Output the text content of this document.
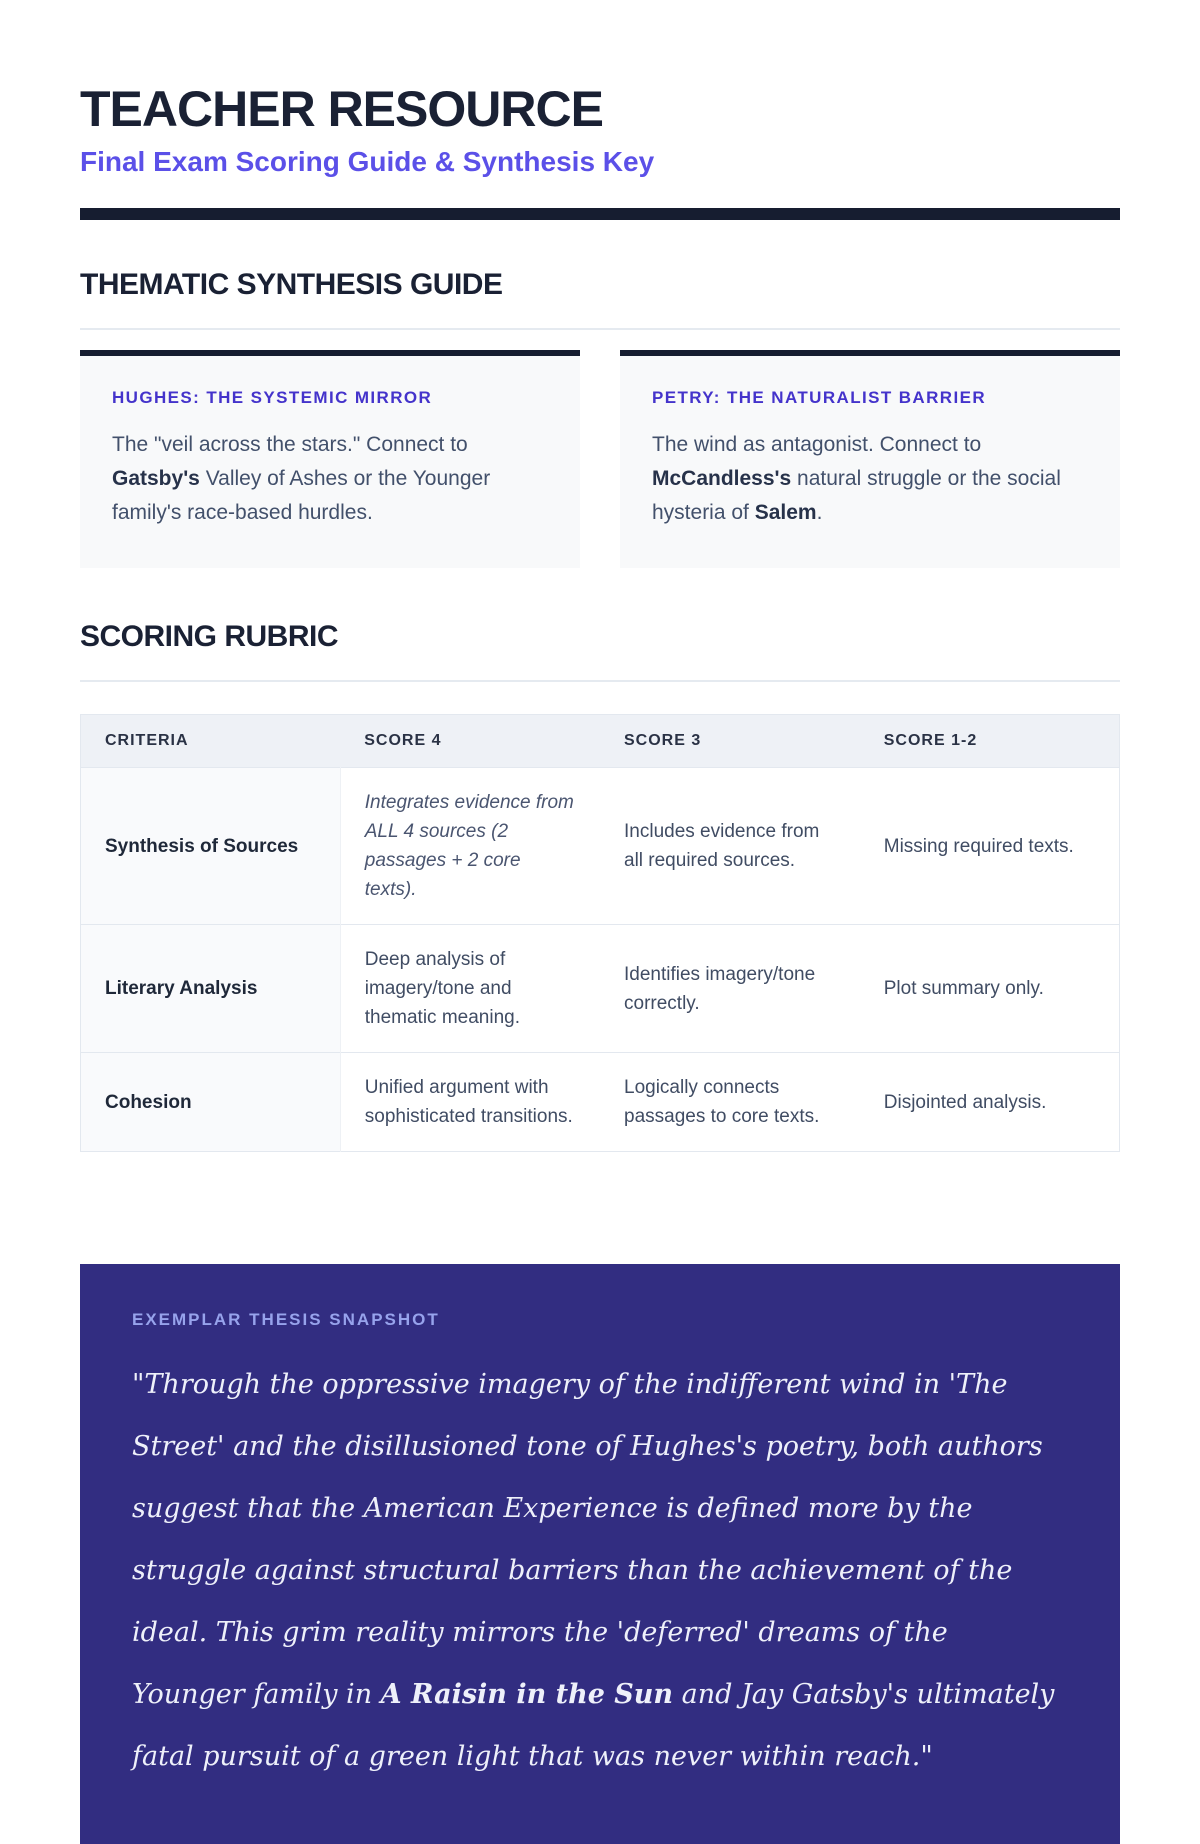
TEACHER RESOURCE
Final Exam Scoring Guide & Synthesis Key
THEMATIC SYNTHESIS GUIDE
HUGHES: THE SYSTEMIC MIRROR

The "veil across the stars." Connect to Gatsby's Valley of Ashes or the Younger family's race-based hurdles.

PETRY: THE NATURALIST BARRIER

The wind as antagonist. Connect to McCandless's natural struggle or the social hysteria of Salem.

SCORING RUBRIC
CRITERIA	SCORE 4	SCORE 3	SCORE 1-2
Synthesis of Sources	Integrates evidence from ALL 4 sources (2 passages + 2 core texts).	Includes evidence from all required sources.	Missing required texts.
Literary Analysis	Deep analysis of imagery/tone and thematic meaning.	Identifies imagery/tone correctly.	Plot summary only.
Cohesion	Unified argument with sophisticated transitions.	Logically connects passages to core texts.	Disjointed analysis.
EXEMPLAR THESIS SNAPSHOT

"Through the oppressive imagery of the indifferent wind in 'The Street' and the disillusioned tone of Hughes's poetry, both authors suggest that the American Experience is defined more by the struggle against structural barriers than the achievement of the ideal. This grim reality mirrors the 'deferred' dreams of the Younger family in A Raisin in the Sun and Jay Gatsby's ultimately fatal pursuit of a green light that was never within reach."
